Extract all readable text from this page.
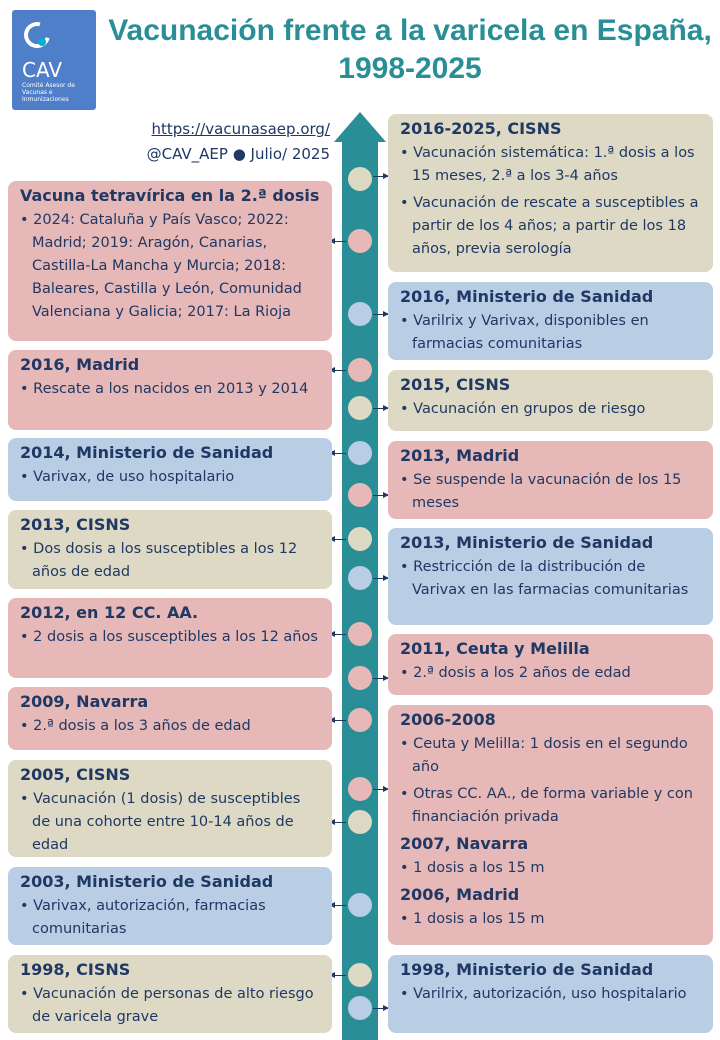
CAV
Comité Asesor de Vacunas e Inmunizaciones
Vacunación frente a la varicela en España, 1998-2025
https://vacunasaep.org/
@CAV_AEP ● Julio/ 2025
Vacuna tetravírica en la 2.ª dosis
• 2024: Cataluña y País Vasco; 2022: Madrid; 2019: Aragón, Canarias, Castilla-La Mancha y Murcia; 2018: Baleares, Castilla y León, Comunidad Valenciana y Galicia; 2017: La Rioja
2016, Madrid
• Rescate a los nacidos en 2013 y 2014
2014, Ministerio de Sanidad
• Varivax, de uso hospitalario
2013, CISNS
• Dos dosis a los susceptibles a los 12 años de edad
2012, en 12 CC. AA.
• 2 dosis a los susceptibles a los 12 años
2009, Navarra
• 2.ª dosis a los 3 años de edad
2005, CISNS
• Vacunación (1 dosis) de susceptibles de una cohorte entre 10-14 años de edad
2003, Ministerio de Sanidad
• Varivax, autorización, farmacias comunitarias
1998, CISNS
• Vacunación de personas de alto riesgo de varicela grave
2016-2025, CISNS
• Vacunación sistemática: 1.ª dosis a los 15 meses, 2.ª a los 3-4 años
• Vacunación de rescate a susceptibles a partir de los 4 años; a partir de los 18 años, previa serología
2016, Ministerio de Sanidad
• Varilrix y Varivax, disponibles en farmacias comunitarias
2015, CISNS
• Vacunación en grupos de riesgo
2013, Madrid
• Se suspende la vacunación de los 15 meses
2013, Ministerio de Sanidad
• Restricción de la distribución de Varivax en las farmacias comunitarias
2011, Ceuta y Melilla
• 2.ª dosis a los 2 años de edad
2006-2008
• Ceuta y Melilla: 1 dosis en el segundo año
• Otras CC. AA., de forma variable y con financiación privada
2007, Navarra
• 1 dosis a los 15 m
2006, Madrid
• 1 dosis a los 15 m
1998, Ministerio de Sanidad
• Varilrix, autorización, uso hospitalario
